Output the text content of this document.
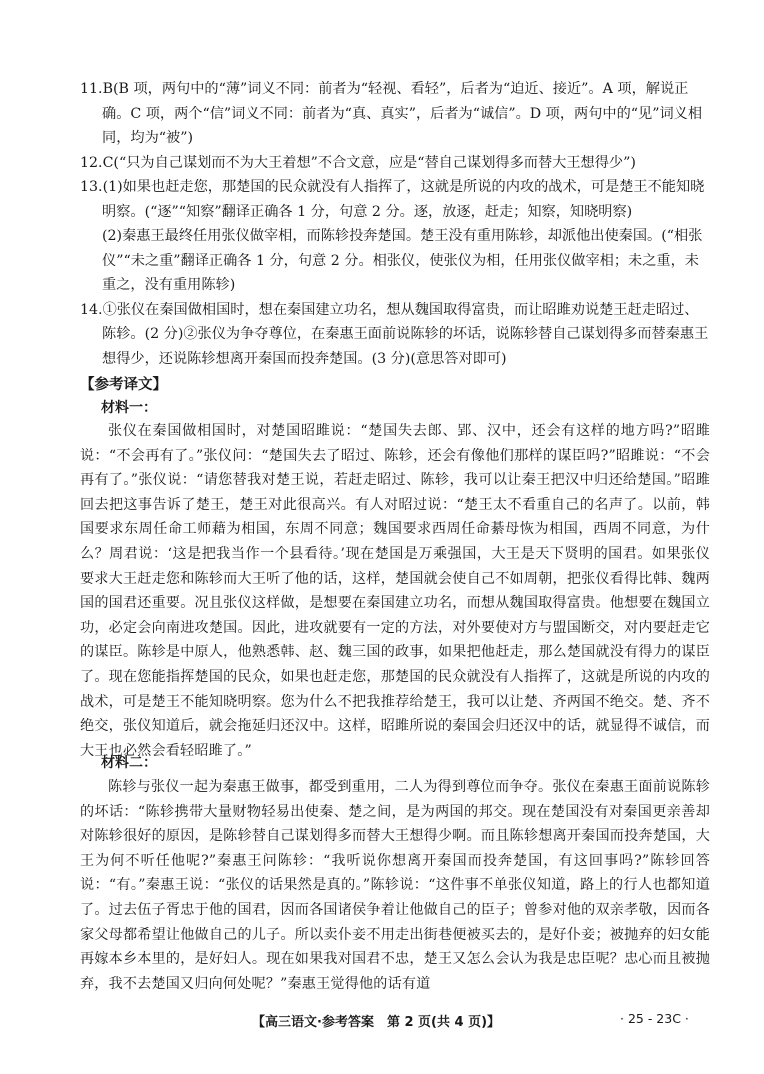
11.B(B 项，两句中的“薄”词义不同：前者为“轻视、看轻”，后者为“迫近、接近”。A 项，解说正确。C 项，两个“信”词义不同：前者为“真、真实”，后者为“诚信”。D 项，两句中的“见”词义相同，均为“被”)
12.C(“只为自己谋划而不为大王着想”不合文意，应是“替自己谋划得多而替大王想得少”)
13.(1)如果也赶走您，那楚国的民众就没有人指挥了，这就是所说的内攻的战术，可是楚王不能知晓明察。(“逐”“知察”翻译正确各 1 分，句意 2 分。逐，放逐，赶走；知察，知晓明察)
(2)秦惠王最终任用张仪做宰相，而陈轸投奔楚国。楚王没有重用陈轸，却派他出使秦国。(“相张仪”“未之重”翻译正确各 1 分，句意 2 分。相张仪，使张仪为相，任用张仪做宰相；未之重，未重之，没有重用陈轸)
14.①张仪在秦国做相国时，想在秦国建立功名，想从魏国取得富贵，而让昭雎劝说楚王赶走昭过、陈轸。(2 分)②张仪为争夺尊位，在秦惠王面前说陈轸的坏话，说陈轸替自己谋划得多而替秦惠王想得少，还说陈轸想离开秦国而投奔楚国。(3 分)(意思答对即可)
【参考译文】
材料一：

张仪在秦国做相国时，对楚国昭雎说：“楚国失去郎、郢、汉中，还会有这样的地方吗?”昭雎说：“不会再有了。”张仪问：“楚国失去了昭过、陈轸，还会有像他们那样的谋臣吗?”昭雎说：“不会再有了。”张仪说：“请您替我对楚王说，若赶走昭过、陈轸，我可以让秦王把汉中归还给楚国。”昭雎回去把这事告诉了楚王，楚王对此很高兴。有人对昭过说：“楚王太不看重自己的名声了。以前，韩国要求东周任命工师藉为相国，东周不同意；魏国要求西周任命綦母恢为相国，西周不同意，为什么？周君说：‘这是把我当作一个县看待。’现在楚国是万乘强国，大王是天下贤明的国君。如果张仪要求大王赶走您和陈轸而大王听了他的话，这样，楚国就会使自己不如周朝，把张仪看得比韩、魏两国的国君还重要。况且张仪这样做，是想要在秦国建立功名，而想从魏国取得富贵。他想要在魏国立功，必定会向南进攻楚国。因此，进攻就要有一定的方法，对外要使对方与盟国断交，对内要赶走它的谋臣。陈轸是中原人，他熟悉韩、赵、魏三国的政事，如果把他赶走，那么楚国就没有得力的谋臣了。现在您能指挥楚国的民众，如果也赶走您，那楚国的民众就没有人指挥了，这就是所说的内攻的战术，可是楚王不能知晓明察。您为什么不把我推荐给楚王，我可以让楚、齐两国不绝交。楚、齐不绝交，张仪知道后，就会拖延归还汉中。这样，昭雎所说的秦国会归还汉中的话，就显得不诚信，而大王也必然会看轻昭雎了。”

材料二：

陈轸与张仪一起为秦惠王做事，都受到重用，二人为得到尊位而争夺。张仪在秦惠王面前说陈轸的坏话：“陈轸携带大量财物轻易出使秦、楚之间，是为两国的邦交。现在楚国没有对秦国更亲善却对陈轸很好的原因，是陈轸替自己谋划得多而替大王想得少啊。而且陈轸想离开秦国而投奔楚国，大王为何不听任他呢?”秦惠王问陈轸：“我听说你想离开秦国而投奔楚国，有这回事吗?”陈轸回答说：“有。”秦惠王说：“张仪的话果然是真的。”陈轸说：“这件事不单张仪知道，路上的行人也都知道了。过去伍子胥忠于他的国君，因而各国诸侯争着让他做自己的臣子；曾参对他的双亲孝敬，因而各家父母都希望让他做自己的儿子。所以卖仆妾不用走出街巷便被买去的，是好仆妾；被抛弃的妇女能再嫁本乡本里的，是好妇人。现在如果我对国君不忠，楚王又怎么会认为我是忠臣呢？忠心而且被抛弃，我不去楚国又归向何处呢？”秦惠王觉得他的话有道

【高三语文·参考答案　第 2 页(共 4 页)】	· 25 - 23C ·
